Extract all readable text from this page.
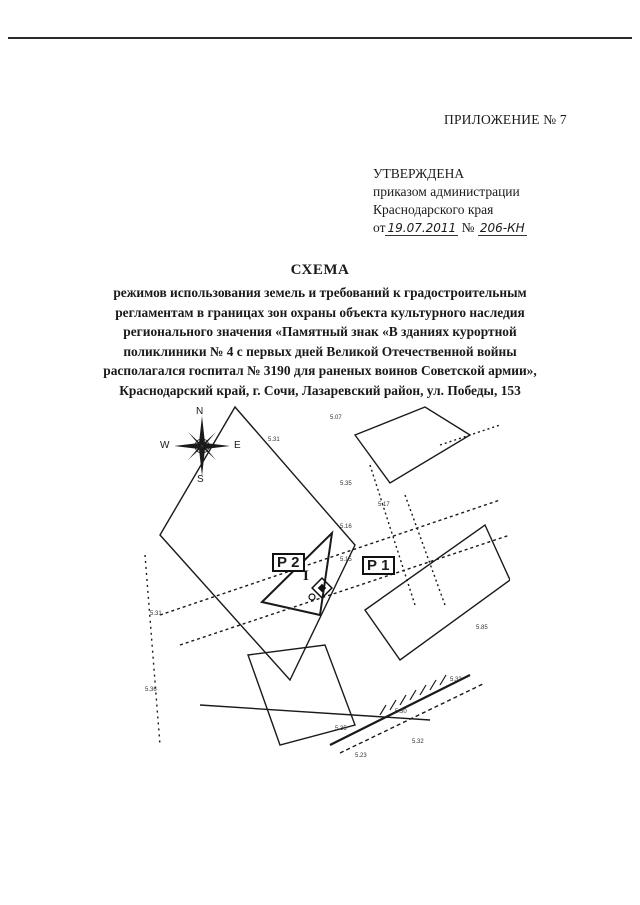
ПРИЛОЖЕНИЕ № 7
УТВЕРЖДЕНА
приказом администрации
Краснодарского края
от 19.07.2011 № 206-КН
СХЕМА
режимов использования земель и требований к градостроительным
регламентам в границах зон охраны объекта культурного наследия
регионального значения «Памятный знак «В зданиях курортной
поликлиники № 4 с первых дней Великой Отечественной войны
располагался госпитал № 3190 для раненых воинов Советской армии»,
Краснодарский край, г. Сочи, Лазаревский район, ул. Победы, 153
5.07
5.31
5.35
5.17
5.16
5.15
5.31
5.36
5.85
5.33
5.35
5.30
5.23
5.32
N
S
W	E
Р 2	Р 1
I
